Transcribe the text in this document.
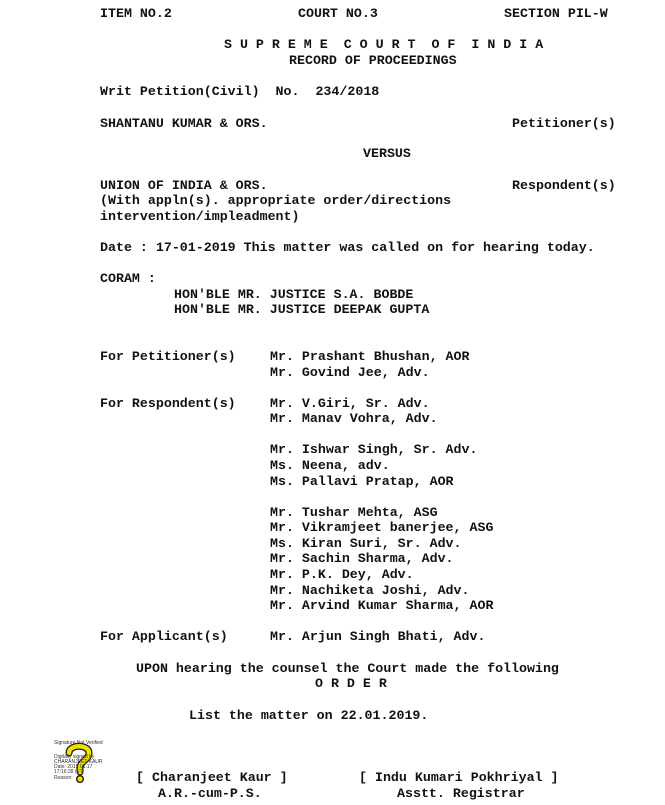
ITEM NO.2	COURT NO.3	SECTION PIL-W
S U P R E M E  C O U R T  O F  I N D I A
RECORD OF PROCEEDINGS
Writ Petition(Civil)  No.  234/2018
SHANTANU KUMAR & ORS.	Petitioner(s)
VERSUS
UNION OF INDIA & ORS.	Respondent(s)
(With appln(s). appropriate order/directions
intervention/impleadment)
Date : 17-01-2019 This matter was called on for hearing today.
CORAM :
HON'BLE MR. JUSTICE S.A. BOBDE
HON'BLE MR. JUSTICE DEEPAK GUPTA
For Petitioner(s)	Mr. Prashant Bhushan, AOR
Mr. Govind Jee, Adv.
For Respondent(s)	Mr. V.Giri, Sr. Adv.
Mr. Manav Vohra, Adv.
Mr. Ishwar Singh, Sr. Adv.
Ms. Neena, adv.
Ms. Pallavi Pratap, AOR
Mr. Tushar Mehta, ASG
Mr. Vikramjeet banerjee, ASG
Ms. Kiran Suri, Sr. Adv.
Mr. Sachin Sharma, Adv.
Mr. P.K. Dey, Adv.
Mr. Nachiketa Joshi, Adv.
Mr. Arvind Kumar Sharma, AOR
For Applicant(s)	Mr. Arjun Singh Bhati, Adv.
UPON hearing the counsel the Court made the following
O R D E R
List the matter on 22.01.2019.
Signature Not Verified
Digitally signed by
CHARANJEET KAUR
Date: 2019.01.17
17:16:28 IST
Reason:	[ Charanjeet Kaur ]
A.R.-cum-P.S.
[ Indu Kumari Pokhriyal ]
Asstt. Registrar
